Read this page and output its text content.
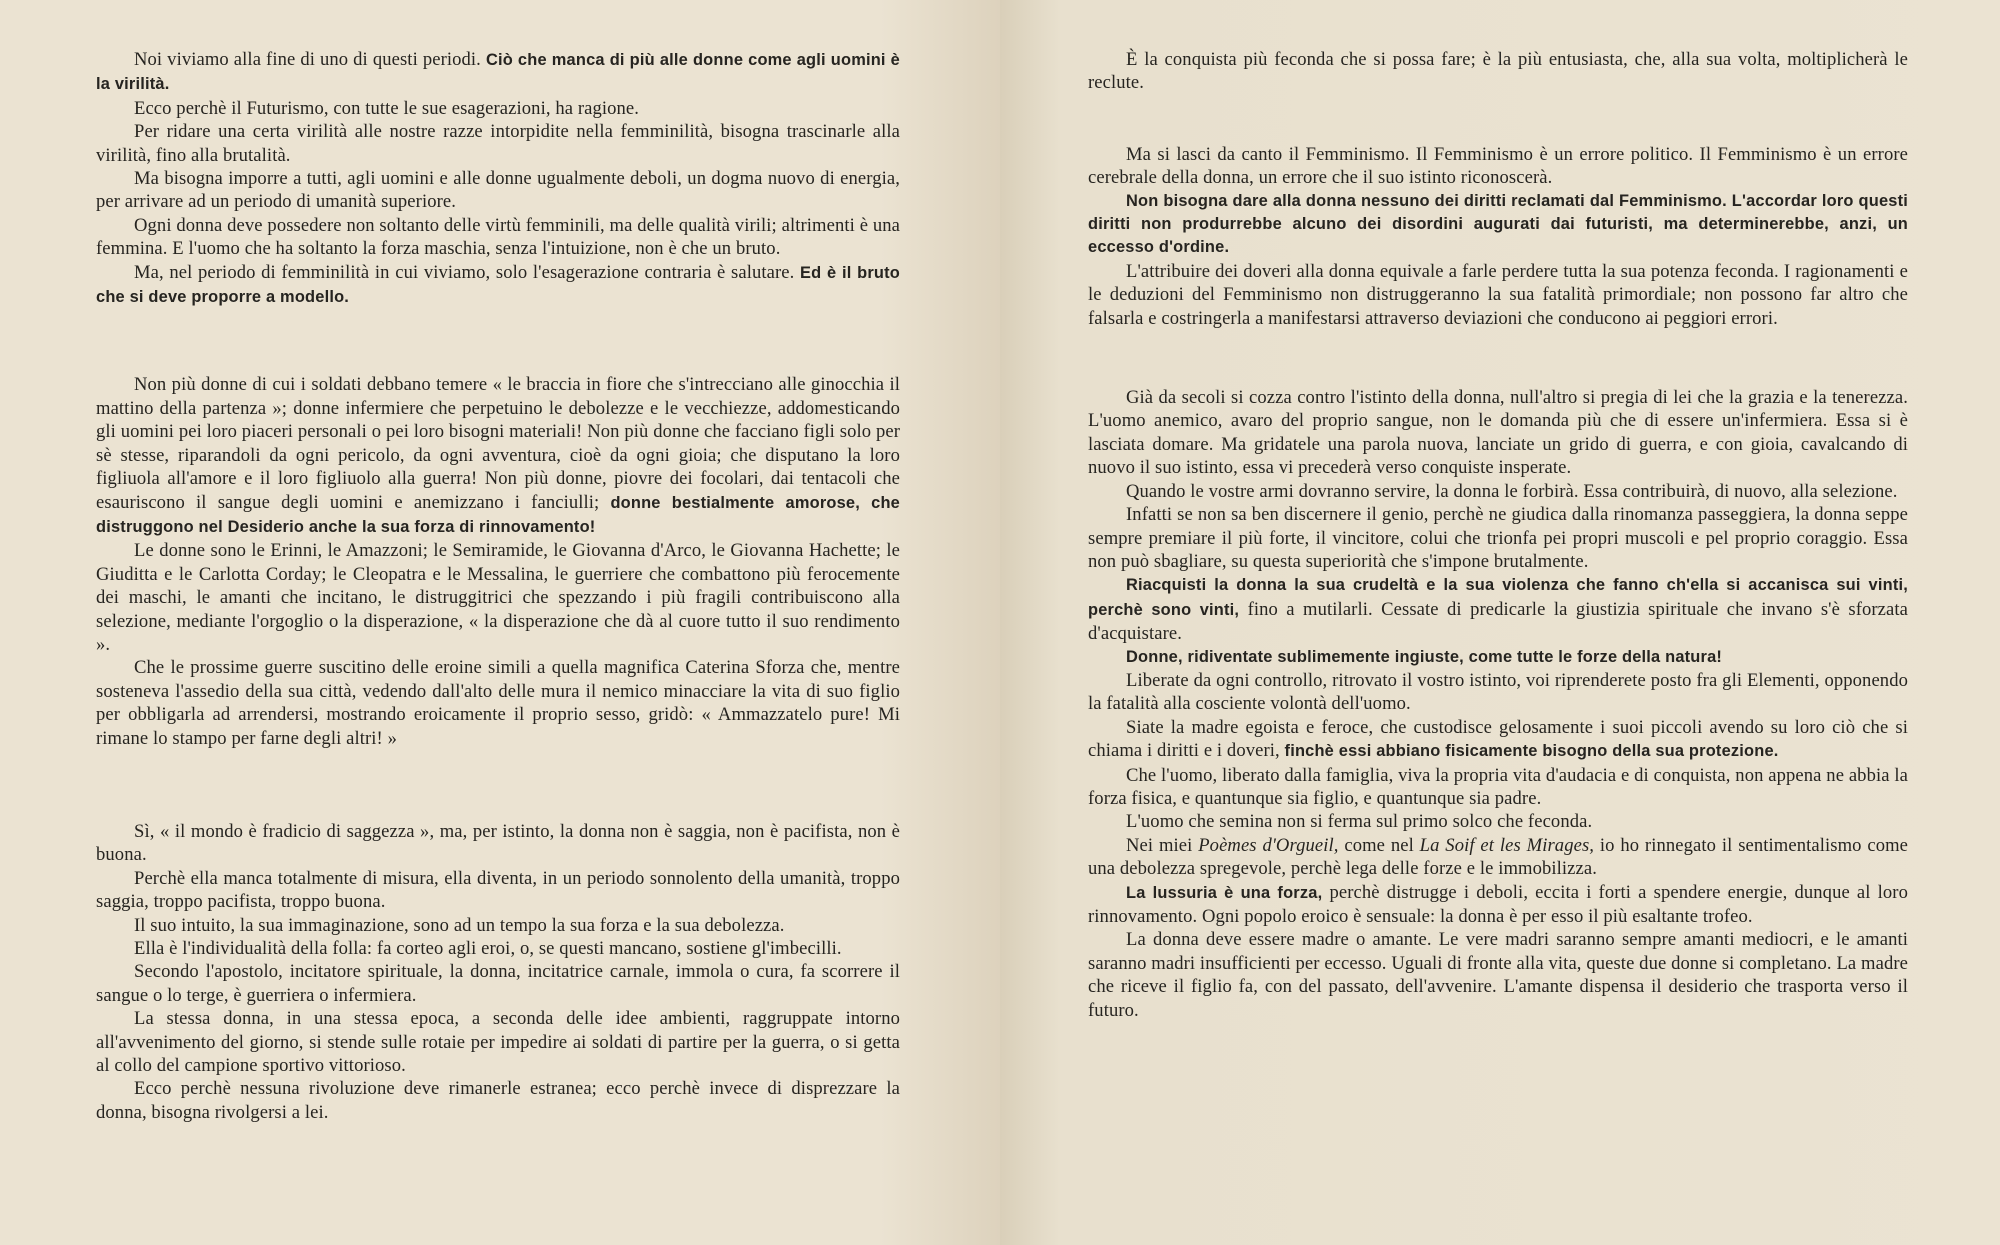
Noi viviamo alla fine di uno di questi periodi. Ciò che manca di più alle donne come agli uomini è la virilità.

Ecco perchè il Futurismo, con tutte le sue esagerazioni, ha ragione.

Per ridare una certa virilità alle nostre razze intorpidite nella femminilità, bisogna trascinarle alla virilità, fino alla brutalità.

Ma bisogna imporre a tutti, agli uomini e alle donne ugualmente deboli, un dogma nuovo di energia, per arrivare ad un periodo di umanità superiore.

Ogni donna deve possedere non soltanto delle virtù femminili, ma delle qualità virili; altrimenti è una femmina. E l'uomo che ha soltanto la forza maschia, senza l'intuizione, non è che un bruto.

Ma, nel periodo di femminilità in cui viviamo, solo l'esagerazione contraria è salutare. Ed è il bruto che si deve proporre a modello.

Non più donne di cui i soldati debbano temere « le braccia in fiore che s'intrecciano alle ginocchia il mattino della partenza »; donne infermiere che perpetuino le debolezze e le vecchiezze, addomesticando gli uomini pei loro piaceri personali o pei loro bisogni materiali! Non più donne che facciano figli solo per sè stesse, riparandoli da ogni pericolo, da ogni avventura, cioè da ogni gioia; che disputano la loro figliuola all'amore e il loro figliuolo alla guerra! Non più donne, piovre dei focolari, dai tentacoli che esauriscono il sangue degli uomini e anemizzano i fanciulli; donne bestialmente amorose, che distruggono nel Desiderio anche la sua forza di rinnovamento!

Le donne sono le Erinni, le Amazzoni; le Semiramide, le Giovanna d'Arco, le Giovanna Hachette; le Giuditta e le Carlotta Corday; le Cleopatra e le Messalina, le guerriere che combattono più ferocemente dei maschi, le amanti che incitano, le distruggitrici che spezzando i più fragili contribuiscono alla selezione, mediante l'orgoglio o la disperazione, « la disperazione che dà al cuore tutto il suo rendimento ».

Che le prossime guerre suscitino delle eroine simili a quella magnifica Caterina Sforza che, mentre sosteneva l'assedio della sua città, vedendo dall'alto delle mura il nemico minacciare la vita di suo figlio per obbligarla ad arrendersi, mostrando eroicamente il proprio sesso, gridò: « Ammazzatelo pure! Mi rimane lo stampo per farne degli altri! »

Sì, « il mondo è fradicio di saggezza », ma, per istinto, la donna non è saggia, non è pacifista, non è buona.

Perchè ella manca totalmente di misura, ella diventa, in un periodo sonnolento della umanità, troppo saggia, troppo pacifista, troppo buona.

Il suo intuito, la sua immaginazione, sono ad un tempo la sua forza e la sua debolezza.

Ella è l'individualità della folla: fa corteo agli eroi, o, se questi mancano, sostiene gl'imbecilli.

Secondo l'apostolo, incitatore spirituale, la donna, incitatrice carnale, immola o cura, fa scorrere il sangue o lo terge, è guerriera o infermiera.

La stessa donna, in una stessa epoca, a seconda delle idee ambienti, raggruppate intorno all'avvenimento del giorno, si stende sulle rotaie per impedire ai soldati di partire per la guerra, o si getta al collo del campione sportivo vittorioso.

Ecco perchè nessuna rivoluzione deve rimanerle estranea; ecco perchè invece di disprezzare la donna, bisogna rivolgersi a lei.

È la conquista più feconda che si possa fare; è la più entusiasta, che, alla sua volta, moltiplicherà le reclute.

Ma si lasci da canto il Femminismo. Il Femminismo è un errore politico. Il Femminismo è un errore cerebrale della donna, un errore che il suo istinto riconoscerà.

Non bisogna dare alla donna nessuno dei diritti reclamati dal Femminismo. L'accordar loro questi diritti non produrrebbe alcuno dei disordini augurati dai futuristi, ma determinerebbe, anzi, un eccesso d'ordine.

L'attribuire dei doveri alla donna equivale a farle perdere tutta la sua potenza feconda. I ragionamenti e le deduzioni del Femminismo non distruggeranno la sua fatalità primordiale; non possono far altro che falsarla e costringerla a manifestarsi attraverso deviazioni che conducono ai peggiori errori.

Già da secoli si cozza contro l'istinto della donna, null'altro si pregia di lei che la grazia e la tenerezza. L'uomo anemico, avaro del proprio sangue, non le domanda più che di essere un'infermiera. Essa si è lasciata domare. Ma gridatele una parola nuova, lanciate un grido di guerra, e con gioia, cavalcando di nuovo il suo istinto, essa vi precederà verso conquiste insperate.

Quando le vostre armi dovranno servire, la donna le forbirà. Essa contribuirà, di nuovo, alla selezione.

Infatti se non sa ben discernere il genio, perchè ne giudica dalla rinomanza passeggiera, la donna seppe sempre premiare il più forte, il vincitore, colui che trionfa pei propri muscoli e pel proprio coraggio. Essa non può sbagliare, su questa superiorità che s'impone brutalmente.

Riacquisti la donna la sua crudeltà e la sua violenza che fanno ch'ella si accanisca sui vinti, perchè sono vinti, fino a mutilarli. Cessate di predicarle la giustizia spirituale che invano s'è sforzata d'acquistare.

Donne, ridiventate sublimemente ingiuste, come tutte le forze della natura!

Liberate da ogni controllo, ritrovato il vostro istinto, voi riprenderete posto fra gli Elementi, opponendo la fatalità alla cosciente volontà dell'uomo.

Siate la madre egoista e feroce, che custodisce gelosamente i suoi piccoli avendo su loro ciò che si chiama i diritti e i doveri, finchè essi abbiano fisicamente bisogno della sua protezione.

Che l'uomo, liberato dalla famiglia, viva la propria vita d'audacia e di conquista, non appena ne abbia la forza fisica, e quantunque sia figlio, e quantunque sia padre.

L'uomo che semina non si ferma sul primo solco che feconda.

Nei miei Poèmes d'Orgueil, come nel La Soif et les Mirages, io ho rinnegato il sentimentalismo come una debolezza spregevole, perchè lega delle forze e le immobilizza.

La lussuria è una forza, perchè distrugge i deboli, eccita i forti a spendere energie, dunque al loro rinnovamento. Ogni popolo eroico è sensuale: la donna è per esso il più esaltante trofeo.

La donna deve essere madre o amante. Le vere madri saranno sempre amanti mediocri, e le amanti saranno madri insufficienti per eccesso. Uguali di fronte alla vita, queste due donne si completano. La madre che riceve il figlio fa, con del passato, dell'avvenire. L'amante dispensa il desiderio che trasporta verso il futuro.
